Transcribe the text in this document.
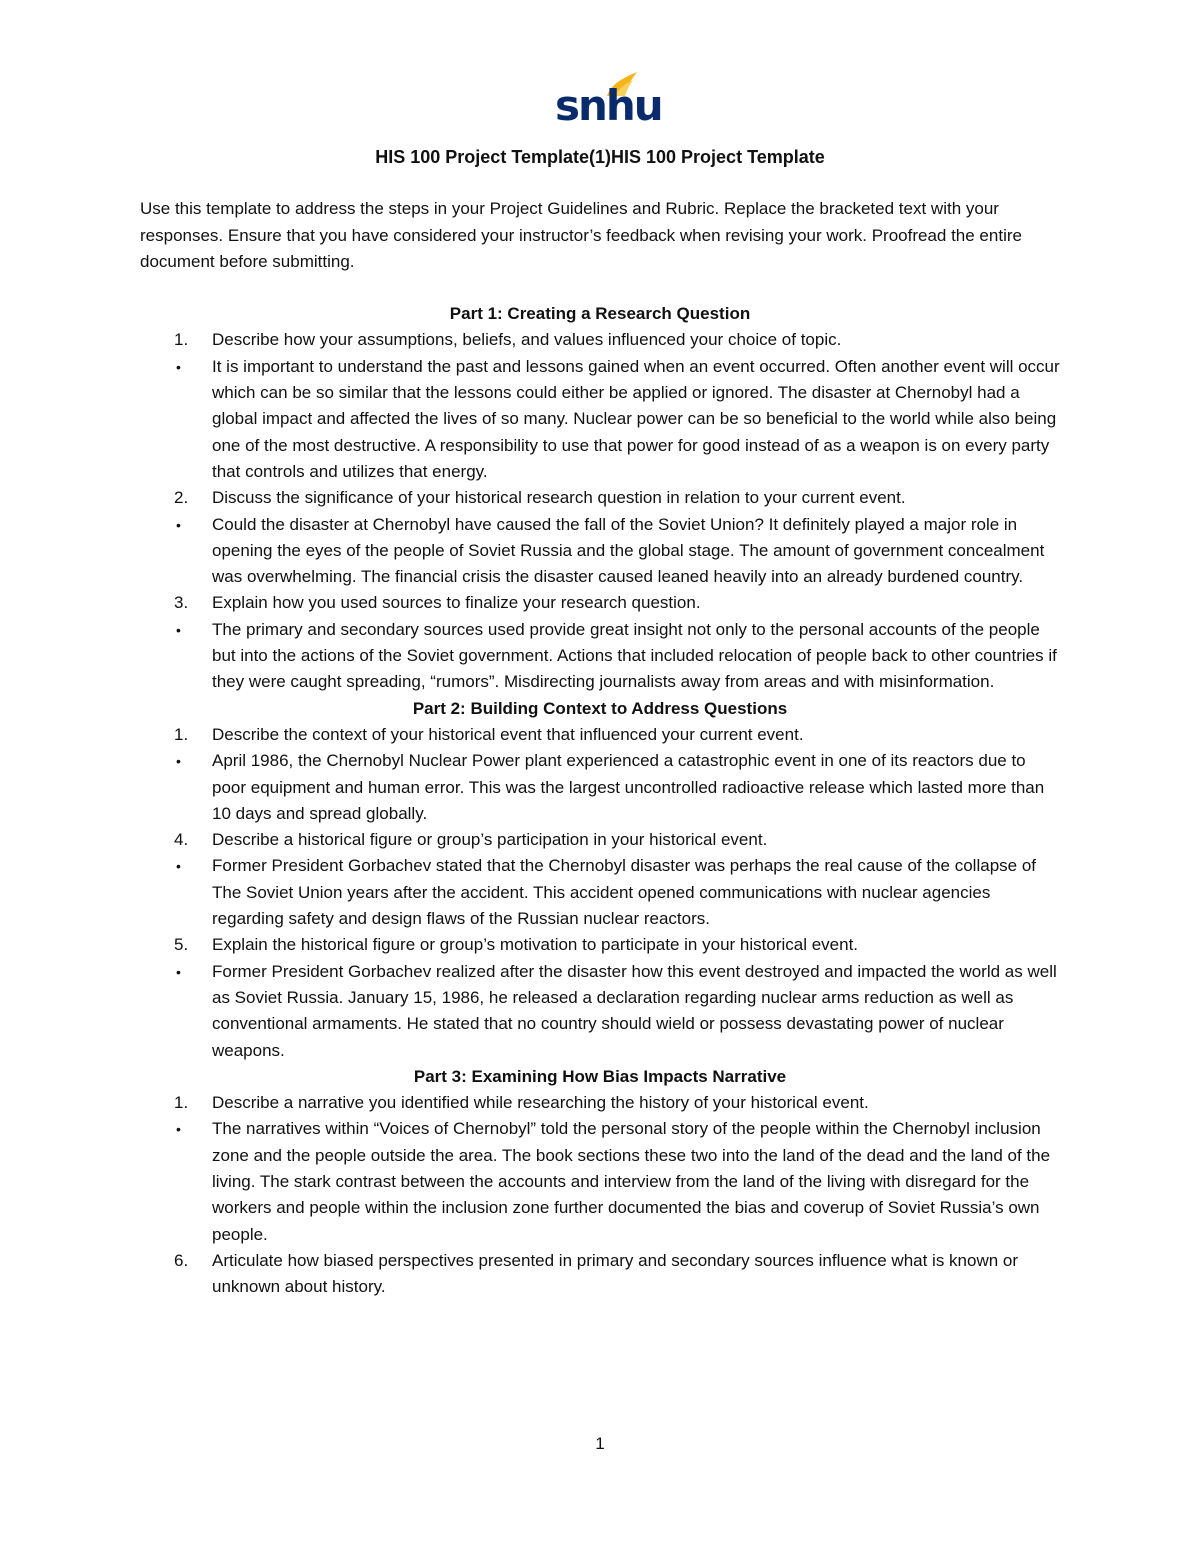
snhu
HIS 100 Project Template(1)HIS 100 Project Template
Use this template to address the steps in your Project Guidelines and Rubric. Replace the bracketed text with your responses. Ensure that you have considered your instructor’s feedback when revising your work. Proofread the entire document before submitting.
Part 1: Creating a Research Question
1.	Describe how your assumptions, beliefs, and values influenced your choice of topic.
•	It is important to understand the past and lessons gained when an event occurred. Often another event will occur which can be so similar that the lessons could either be applied or ignored. The disaster at Chernobyl had a global impact and affected the lives of so many. Nuclear power can be so beneficial to the world while also being one of the most destructive. A responsibility to use that power for good instead of as a weapon is on every party that controls and utilizes that energy.
2.	Discuss the significance of your historical research question in relation to your current event.
•	Could the disaster at Chernobyl have caused the fall of the Soviet Union? It definitely played a major role in opening the eyes of the people of Soviet Russia and the global stage. The amount of government concealment was overwhelming. The financial crisis the disaster caused leaned heavily into an already burdened country.
3.	Explain how you used sources to finalize your research question.
•	The primary and secondary sources used provide great insight not only to the personal accounts of the people but into the actions of the Soviet government. Actions that included relocation of people back to other countries if they were caught spreading, “rumors”. Misdirecting journalists away from areas and with misinformation.
Part 2: Building Context to Address Questions
1.	Describe the context of your historical event that influenced your current event.
•	April 1986, the Chernobyl Nuclear Power plant experienced a catastrophic event in one of its reactors due to poor equipment and human error. This was the largest uncontrolled radioactive release which lasted more than 10 days and spread globally.
4.	Describe a historical figure or group’s participation in your historical event.
•	Former President Gorbachev stated that the Chernobyl disaster was perhaps the real cause of the collapse of The Soviet Union years after the accident. This accident opened communications with nuclear agencies regarding safety and design flaws of the Russian nuclear reactors.
5.	Explain the historical figure or group’s motivation to participate in your historical event.
•	Former President Gorbachev realized after the disaster how this event destroyed and impacted the world as well as Soviet Russia. January 15, 1986, he released a declaration regarding nuclear arms reduction as well as conventional armaments. He stated that no country should wield or possess devastating power of nuclear weapons.
Part 3: Examining How Bias Impacts Narrative
1.	Describe a narrative you identified while researching the history of your historical event.
•	The narratives within “Voices of Chernobyl” told the personal story of the people within the Chernobyl inclusion zone and the people outside the area. The book sections these two into the land of the dead and the land of the living. The stark contrast between the accounts and interview from the land of the living with disregard for the workers and people within the inclusion zone further documented the bias and coverup of Soviet Russia’s own people.
6.	Articulate how biased perspectives presented in primary and secondary sources influence what is known or unknown about history.
1
